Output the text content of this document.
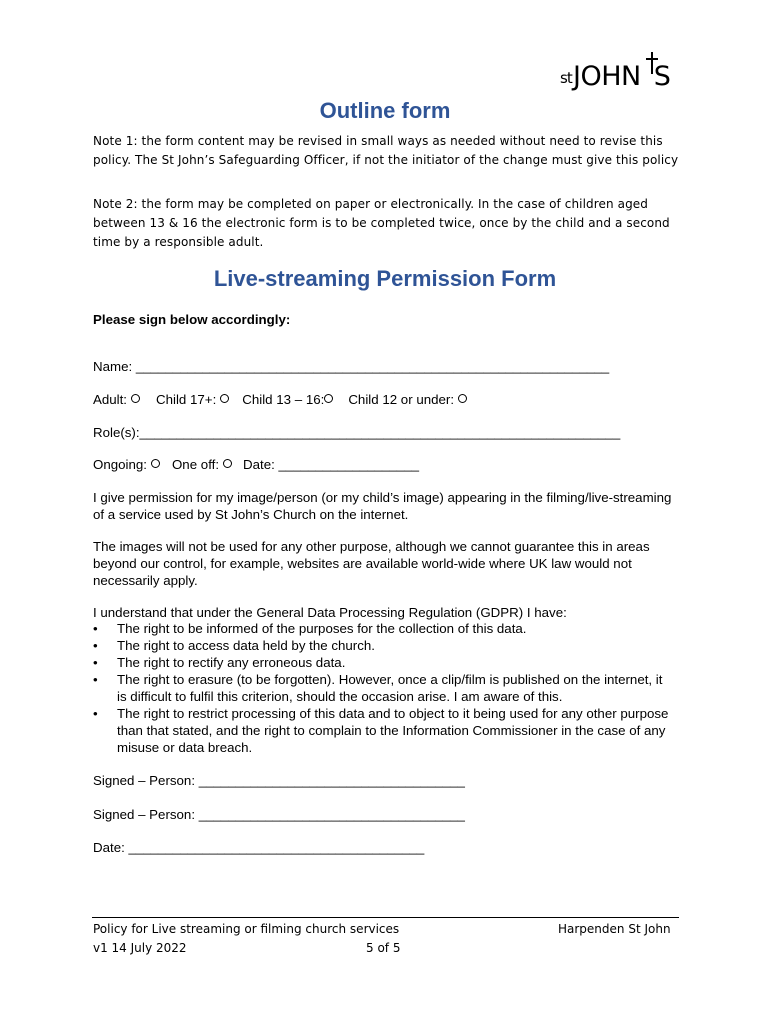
st JOHN S
Outline form

Note 1: the form content may be revised in small ways as needed without need to revise this policy. The St John’s Safeguarding Officer, if not the initiator of the change must give this policy

Note 2: the form may be completed on paper or electronically. In the case of children aged between 13 & 16 the electronic form is to be completed twice, once by the child and a second time by a responsible adult.

Live-streaming Permission Form
Please sign below accordingly:
Name: ________________________________________________________________
Adult: Child 17+: Child 13 – 16: Child 12 or under:
Role(s):_________________________________________________________________
Ongoing: One off: Date: ___________________
I give permission for my image/person (or my child’s image) appearing in the filming/live-streaming of a service used by St John’s Church on the internet.
The images will not be used for any other purpose, although we cannot guarantee this in areas beyond our control, for example, websites are available world-wide where UK law would not necessarily apply.
I understand that under the General Data Processing Regulation (GDPR) I have:
• The right to be informed of the purposes for the collection of this data.
• The right to access data held by the church.
• The right to rectify any erroneous data.
• The right to erasure (to be forgotten). However, once a clip/film is published on the internet, it is difficult to fulfil this criterion, should the occasion arise. I am aware of this.
• The right to restrict processing of this data and to object to it being used for any other purpose than that stated, and the right to complain to the Information Commissioner in the case of any misuse or data breach.
Signed – Person: ____________________________________
Signed – Person: ____________________________________
Date: ________________________________________
Policy for Live streaming or filming church services	Harpenden St John
v1 14 July 2022	5 of 5
